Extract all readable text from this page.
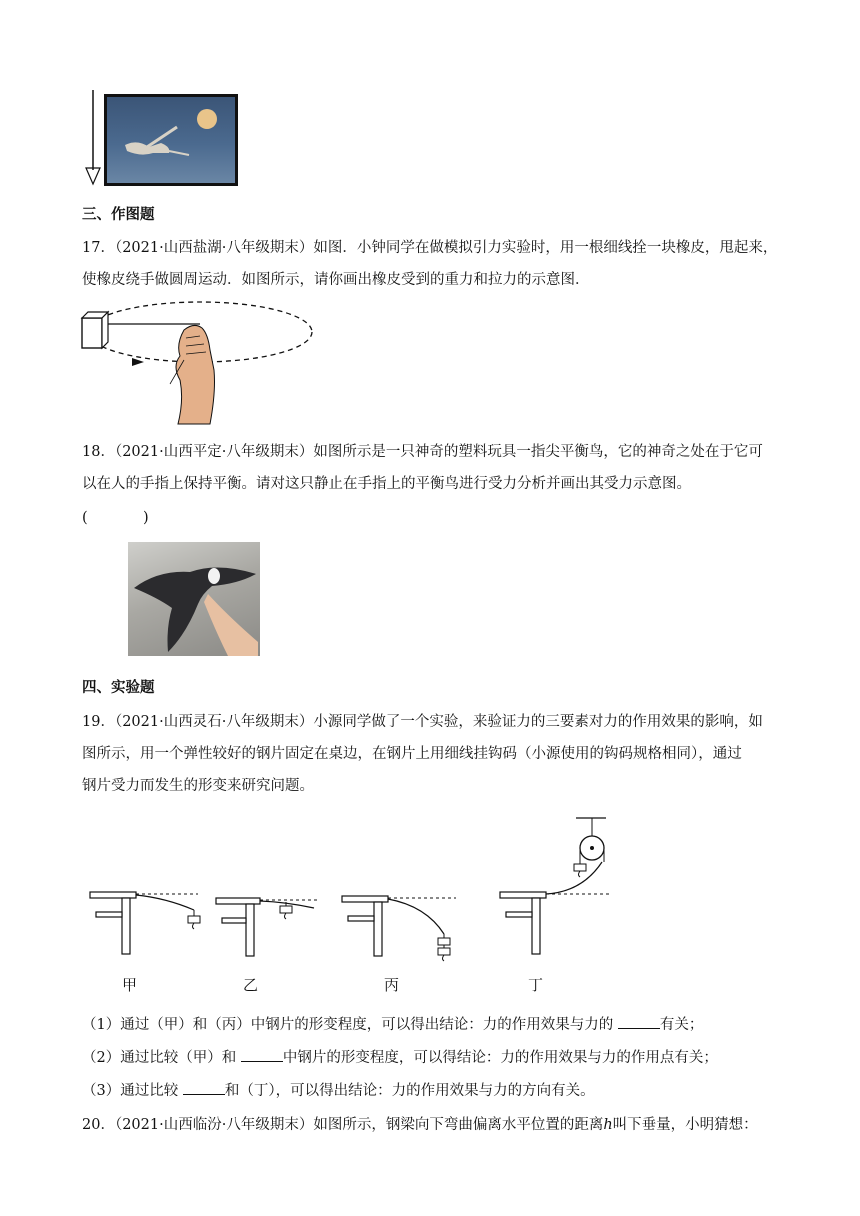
三、作图题
17．（2021·山西盐湖·八年级期末）如图．小钟同学在做模拟引力实验时，用一根细线拴一块橡皮，甩起来，
使橡皮绕手做圆周运动．如图所示，请你画出橡皮受到的重力和拉力的示意图．
18．（2021·山西平定·八年级期末）如图所示是一只神奇的塑料玩具一指尖平衡鸟，它的神奇之处在于它可
以在人的手指上保持平衡。请对这只静止在手指上的平衡鸟进行受力分析并画出其受力示意图。
(            )
四、实验题
19．（2021·山西灵石·八年级期末）小源同学做了一个实验，来验证力的三要素对力的作用效果的影响，如
图所示，用一个弹性较好的钢片固定在桌边，在钢片上用细线挂钩码（小源使用的钩码规格相同），通过
钢片受力而发生的形变来研究问题。
甲	乙	丙	丁
（1）通过（甲）和（丙）中钢片的形变程度，可以得出结论：力的作用效果与力的	有关；
（2）通过比较（甲）和	中钢片的形变程度，可以得结论：力的作用效果与力的作用点有关；
（3）通过比较	和（丁），可以得出结论：力的作用效果与力的方向有关。
20．（2021·山西临汾·八年级期末）如图所示，钢梁向下弯曲偏离水平位置的距离h叫下垂量，小明猜想：
